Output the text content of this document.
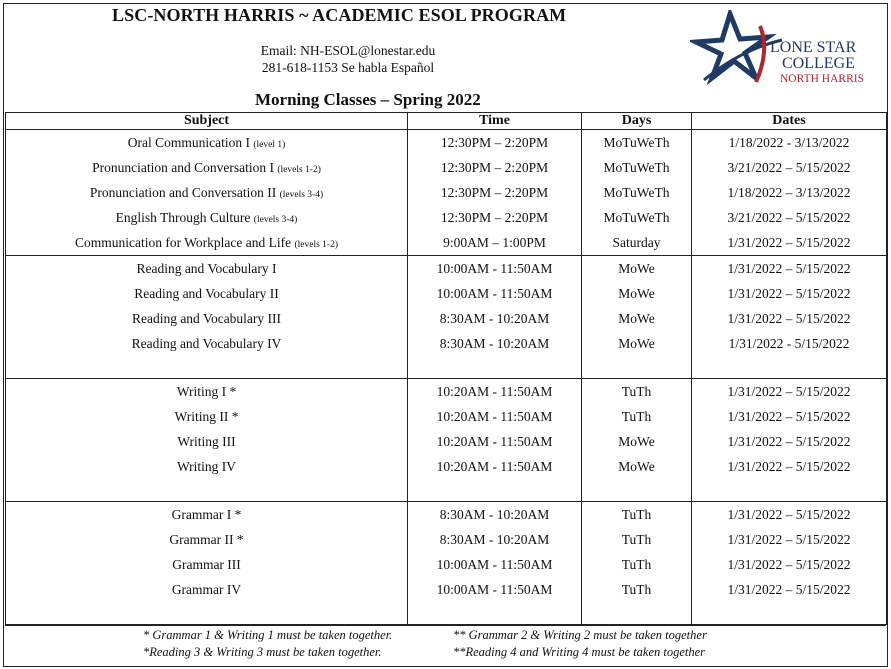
LSC-NORTH HARRIS ~ ACADEMIC ESOL PROGRAM
Email: NH-ESOL@lonestar.edu
281-618-1153 Se habla Español
LONE STAR
COLLEGE
NORTH HARRIS
Morning Classes – Spring 2022
Subject	Time	Days	Dates
Oral Communication I (level 1)	12:30PM – 2:20PM	MoTuWeTh	1/18/2022 - 3/13/2022
Pronunciation and Conversation I (levels 1-2)	12:30PM – 2:20PM	MoTuWeTh	3/21/2022 – 5/15/2022
Pronunciation and Conversation II (levels 3-4)	12:30PM – 2:20PM	MoTuWeTh	1/18/2022 – 3/13/2022
English Through Culture (levels 3-4)	12:30PM – 2:20PM	MoTuWeTh	3/21/2022 – 5/15/2022
Communication for Workplace and Life (levels 1-2)	9:00AM – 1:00PM	Saturday	1/31/2022 – 5/15/2022
Reading and Vocabulary I	10:00AM - 11:50AM	MoWe	1/31/2022 – 5/15/2022
Reading and Vocabulary II	10:00AM - 11:50AM	MoWe	1/31/2022 – 5/15/2022
Reading and Vocabulary III	8:30AM - 10:20AM	MoWe	1/31/2022 – 5/15/2022
Reading and Vocabulary IV	8:30AM - 10:20AM	MoWe	1/31/2022 - 5/15/2022

Writing I *	10:20AM - 11:50AM	TuTh	1/31/2022 – 5/15/2022
Writing II *	10:20AM - 11:50AM	TuTh	1/31/2022 – 5/15/2022
Writing III	10:20AM - 11:50AM	MoWe	1/31/2022 – 5/15/2022
Writing IV	10:20AM - 11:50AM	MoWe	1/31/2022 – 5/15/2022

Grammar I *	8:30AM - 10:20AM	TuTh	1/31/2022 – 5/15/2022
Grammar II *	8:30AM - 10:20AM	TuTh	1/31/2022 – 5/15/2022
Grammar III	10:00AM - 11:50AM	TuTh	1/31/2022 – 5/15/2022
Grammar IV	10:00AM - 11:50AM	TuTh	1/31/2022 – 5/15/2022

* Grammar 1 & Writing 1 must be taken together.	** Grammar 2 & Writing 2 must be taken together
*Reading 3 & Writing 3 must be taken together.	**Reading 4 and Writing 4 must be taken together
